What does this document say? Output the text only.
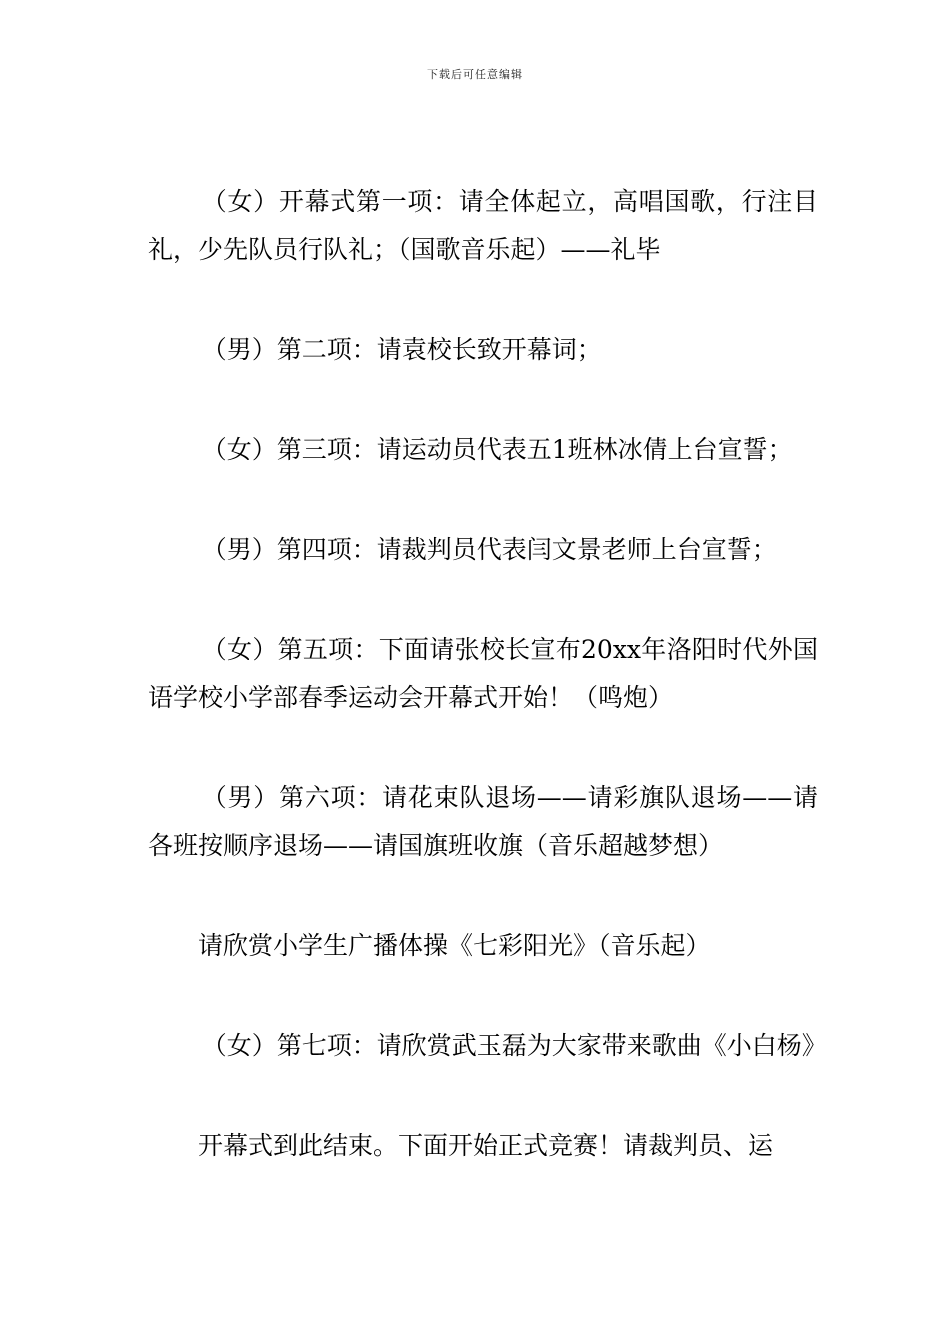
下载后可任意编辑

（女）开幕式第一项：请全体起立，高唱国歌，行注目礼，少先队员行队礼；（国歌音乐起）——礼毕

（男）第二项：请袁校长致开幕词；

（女）第三项：请运动员代表五1班林冰倩上台宣誓；

（男）第四项：请裁判员代表闫文景老师上台宣誓；

（女）第五项：下面请张校长宣布20xx年洛阳时代外国语学校小学部春季运动会开幕式开始！（鸣炮）

（男）第六项：请花束队退场——请彩旗队退场——请各班按顺序退场——请国旗班收旗（音乐超越梦想）

请欣赏小学生广播体操《七彩阳光》（音乐起）

（女）第七项：请欣赏武玉磊为大家带来歌曲《小白杨》

开幕式到此结束。下面开始正式竞赛！请裁判员、运
